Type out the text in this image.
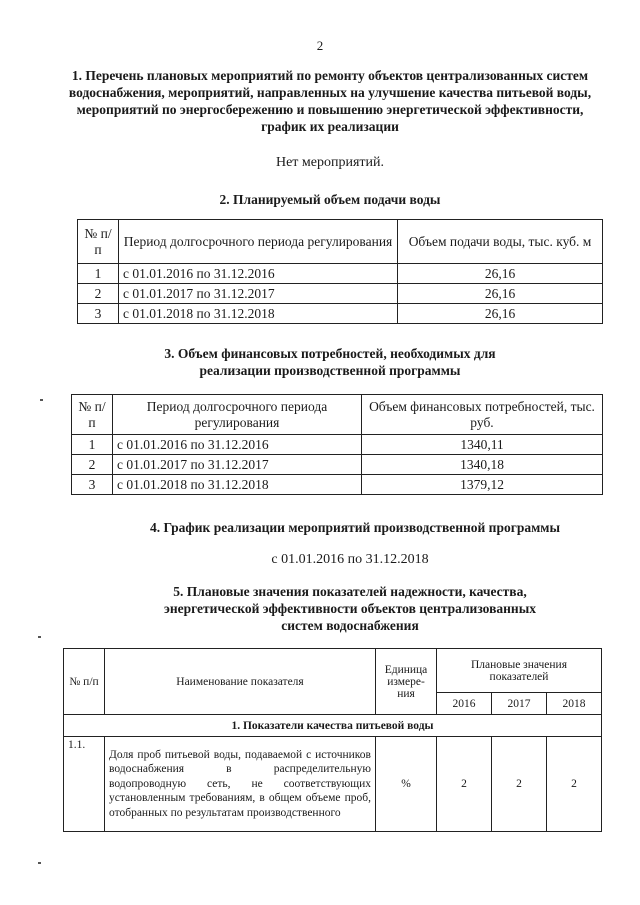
2
1. Перечень плановых мероприятий по ремонту объектов централизованных систем водоснабжения, мероприятий, направленных на улучшение качества питьевой воды, мероприятий по энергосбережению и повышению энергетической эффективности, график их реализации
Нет мероприятий.
2. Планируемый объем подачи воды
№ п/п	Период долгосрочного периода регулирования	Объем подачи воды, тыс. куб. м
1	с 01.01.2016 по 31.12.2016	26,16
2	с 01.01.2017 по 31.12.2017	26,16
3	с 01.01.2018 по 31.12.2018	26,16
3. Объем финансовых потребностей, необходимых для
реализации производственной программы
№ п/п	Период долгосрочного периода регулирования	Объем финансовых потребностей, тыс. руб.
1	с 01.01.2016 по 31.12.2016	1340,11
2	с 01.01.2017 по 31.12.2017	1340,18
3	с 01.01.2018 по 31.12.2018	1379,12
4. График реализации мероприятий производственной программы
с 01.01.2016 по 31.12.2018
5. Плановые значения показателей надежности, качества,
энергетической эффективности объектов централизованных
систем водоснабжения
№ п/п	Наименование показателя	Единица измере- ния	Плановые значения показателей		
			2016	2017	2018
1. Показатели качества питьевой воды					
1.1.	Доля проб питьевой воды, подаваемой с источников водоснабжения в распределительную водопроводную сеть, не соответствующих установленным требованиям, в общем объеме проб, отобранных по результатам производственного	%	2	2	2
